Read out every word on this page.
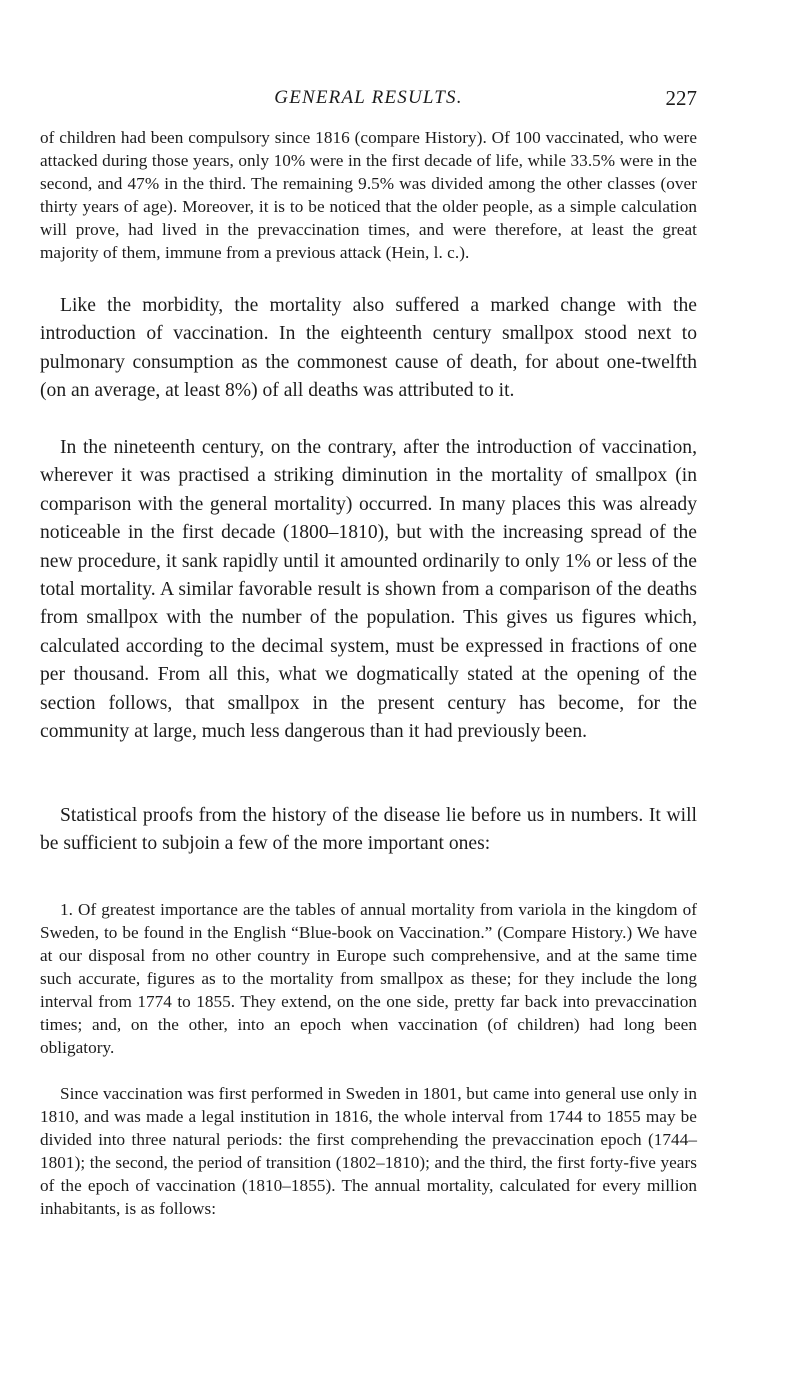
GENERAL RESULTS.	227

of children had been compulsory since 1816 (compare History). Of 100 vaccinated, who were attacked during those years, only 10% were in the first decade of life, while 33.5% were in the second, and 47% in the third. The remaining 9.5% was divided among the other classes (over thirty years of age). Moreover, it is to be noticed that the older people, as a simple calculation will prove, had lived in the prevaccination times, and were therefore, at least the great majority of them, immune from a previous attack (Hein, l. c.).

Like the morbidity, the mortality also suffered a marked change with the introduction of vaccination. In the eighteenth century smallpox stood next to pulmonary consumption as the commonest cause of death, for about one-twelfth (on an average, at least 8%) of all deaths was attributed to it.

In the nineteenth century, on the contrary, after the introduction of vaccination, wherever it was practised a striking diminution in the mortality of smallpox (in comparison with the general mortality) occurred. In many places this was already noticeable in the first decade (1800–1810), but with the increasing spread of the new procedure, it sank rapidly until it amounted ordinarily to only 1% or less of the total mortality. A similar favorable result is shown from a comparison of the deaths from smallpox with the number of the population. This gives us figures which, calculated according to the decimal system, must be expressed in fractions of one per thousand. From all this, what we dogmatically stated at the opening of the section follows, that smallpox in the present century has become, for the community at large, much less dangerous than it had previously been.

Statistical proofs from the history of the disease lie before us in numbers. It will be sufficient to subjoin a few of the more important ones:

1. Of greatest importance are the tables of annual mortality from variola in the kingdom of Sweden, to be found in the English “Blue-book on Vaccination.” (Compare History.) We have at our disposal from no other country in Europe such comprehensive, and at the same time such accurate, figures as to the mortality from smallpox as these; for they include the long interval from 1774 to 1855. They extend, on the one side, pretty far back into prevaccination times; and, on the other, into an epoch when vaccination (of children) had long been obligatory.

Since vaccination was first performed in Sweden in 1801, but came into general use only in 1810, and was made a legal institution in 1816, the whole interval from 1744 to 1855 may be divided into three natural periods: the first comprehending the prevaccination epoch (1744–1801); the second, the period of transition (1802–1810); and the third, the first forty-five years of the epoch of vaccination (1810–1855). The annual mortality, calculated for every million inhabitants, is as follows:
